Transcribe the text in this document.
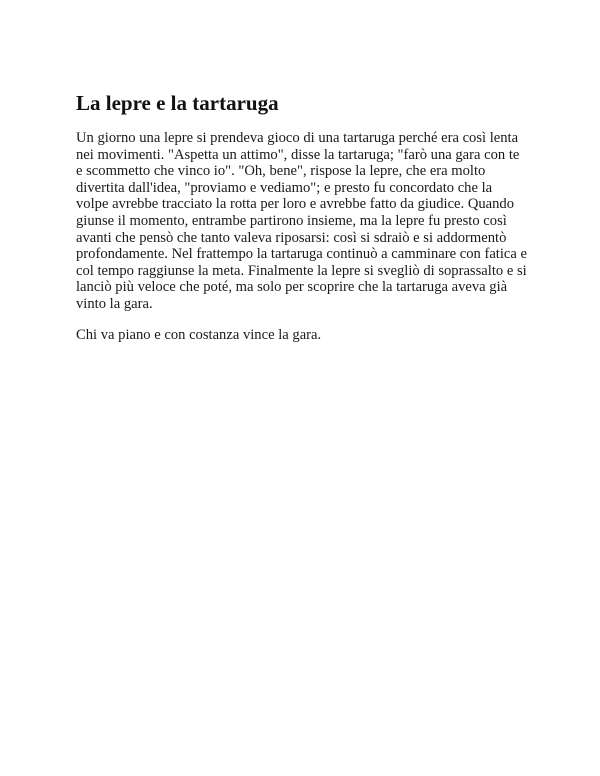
La lepre e la tartaruga

Un giorno una lepre si prendeva gioco di una tartaruga perché era così lenta nei movimenti. "Aspetta un attimo", disse la tartaruga; "farò una gara con te e scommetto che vinco io". "Oh, bene", rispose la lepre, che era molto divertita dall'idea, "proviamo e vediamo"; e presto fu concordato che la volpe avrebbe tracciato la rotta per loro e avrebbe fatto da giudice. Quando giunse il momento, entrambe partirono insieme, ma la lepre fu presto così avanti che pensò che tanto valeva riposarsi: così si sdraiò e si addormentò profondamente. Nel frattempo la tartaruga continuò a camminare con fatica e col tempo raggiunse la meta. Finalmente la lepre si svegliò di soprassalto e si lanciò più veloce che poté, ma solo per scoprire che la tartaruga aveva già vinto la gara.

Chi va piano e con costanza vince la gara.
